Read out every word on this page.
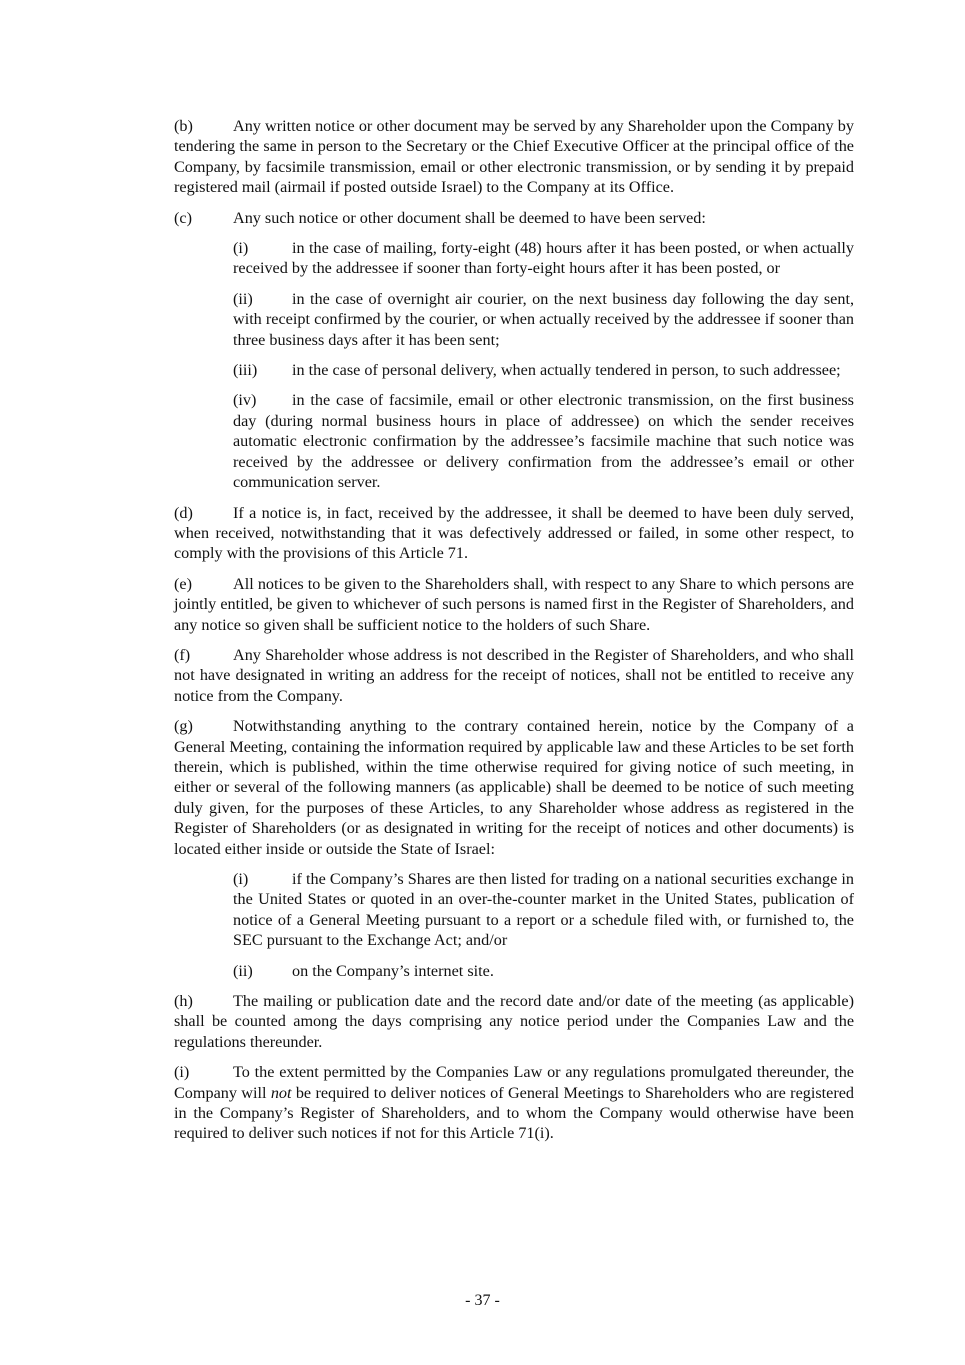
(b) Any written notice or other document may be served by any Shareholder upon the Company by tendering the same in person to the Secretary or the Chief Executive Officer at the principal office of the Company, by facsimile transmission, email or other electronic transmission, or by sending it by prepaid registered mail (airmail if posted outside Israel) to the Company at its Office.

(c)	Any such notice or other document shall be deemed to have been served:

(i)	in the case of mailing, forty-eight (48) hours after it has been posted, or when actually received by the addressee if sooner than forty-eight hours after it has been posted, or

(ii) in the case of overnight air courier, on the next business day following the day sent, with receipt confirmed by the courier, or when actually received by the addressee if sooner than three business days after it has been sent;

(iii) in the case of personal delivery, when actually tendered in person, to such addressee;

(iv) in the case of facsimile, email or other electronic transmission, on the first business day (during normal business hours in place of addressee) on which the sender receives automatic electronic confirmation by the addressee’s facsimile machine that such notice was received by the addressee or delivery confirmation from the addressee’s email or other communication server.

(d) If a notice is, in fact, received by the addressee, it shall be deemed to have been duly served, when received, notwithstanding that it was defectively addressed or failed, in some other respect, to comply with the provisions of this Article 71.

(e)	All notices to be given to the Shareholders shall, with respect to any Share to which persons are jointly entitled, be given to whichever of such persons is named first in the Register of Shareholders, and any notice so given shall be sufficient notice to the holders of such Share.

(f)	Any Shareholder whose address is not described in the Register of Shareholders, and who shall not have designated in writing an address for the receipt of notices, shall not be entitled to receive any notice from the Company.

(g) Notwithstanding anything to the contrary contained herein, notice by the Company of a General Meeting, containing the information required by applicable law and these Articles to be set forth therein, which is published, within the time otherwise required for giving notice of such meeting, in either or several of the following manners (as applicable) shall be deemed to be notice of such meeting duly given, for the purposes of these Articles, to any Shareholder whose address as registered in the Register of Shareholders (or as designated in writing for the receipt of notices and other documents) is located either inside or outside the State of Israel:

(i)	if the Company’s Shares are then listed for trading on a national securities exchange in the United States or quoted in an over-the-counter market in the United States, publication of notice of a General Meeting pursuant to a report or a schedule filed with, or furnished to, the SEC pursuant to the Exchange Act; and/or

(ii) on the Company’s internet site.

(h) The mailing or publication date and the record date and/or date of the meeting (as applicable) shall be counted among the days comprising any notice period under the Companies Law and the regulations thereunder.

(i)	To the extent permitted by the Companies Law or any regulations promulgated thereunder, the Company will not be required to deliver notices of General Meetings to Shareholders who are registered in the Company’s Register of Shareholders, and to whom the Company would otherwise have been required to deliver such notices if not for this Article 71(i).

- 37 -
